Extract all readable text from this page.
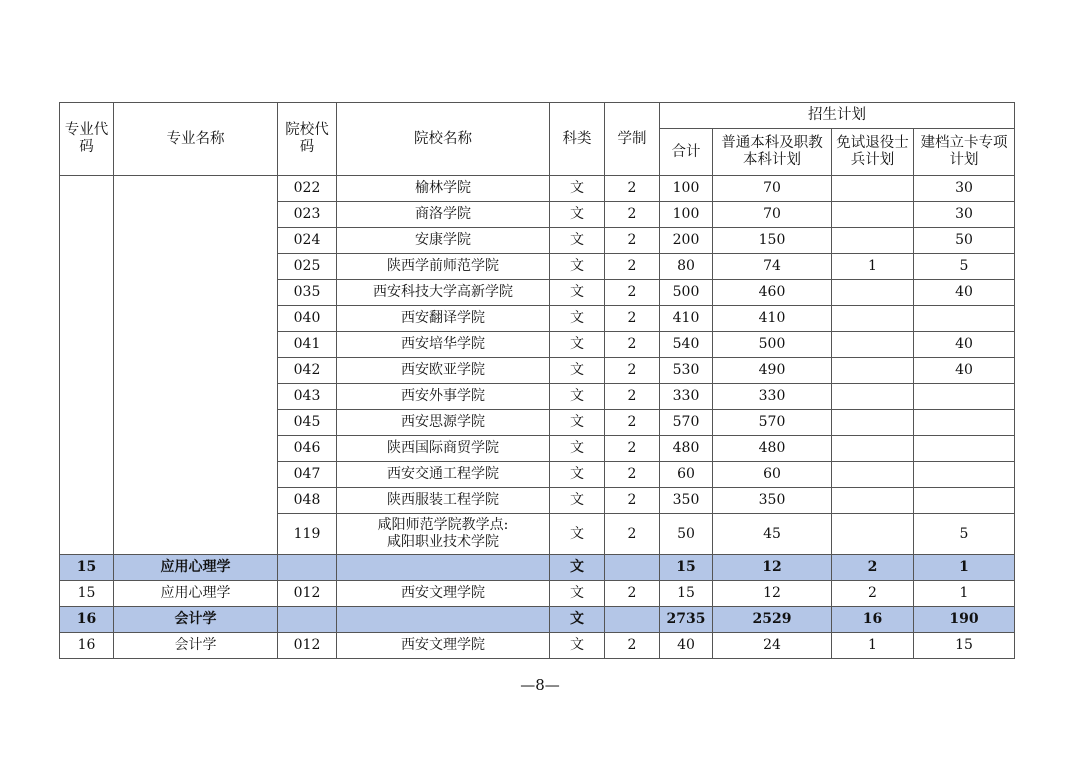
专业代码	专业名称	院校代码	院校名称	科类	学制	招生计划			
						合计	普通本科及职教本科计划	免试退役士兵计划	建档立卡专项计划
		022	榆林学院	文	2	100	70		30
		023	商洛学院	文	2	100	70		30
		024	安康学院	文	2	200	150		50
		025	陕西学前师范学院	文	2	80	74	1	5
		035	西安科技大学高新学院	文	2	500	460		40
		040	西安翻译学院	文	2	410	410		
		041	西安培华学院	文	2	540	500		40
		042	西安欧亚学院	文	2	530	490		40
		043	西安外事学院	文	2	330	330		
		045	西安思源学院	文	2	570	570		
		046	陕西国际商贸学院	文	2	480	480		
		047	西安交通工程学院	文	2	60	60		
		048	陕西服装工程学院	文	2	350	350		
		119	咸阳师范学院教学点:
咸阳职业技术学院	文	2	50	45		5
15	应用心理学			文		15	12	2	1
15	应用心理学	012	西安文理学院	文	2	15	12	2	1
16	会计学			文		2735	2529	16	190
16	会计学	012	西安文理学院	文	2	40	24	1	15
—8—
